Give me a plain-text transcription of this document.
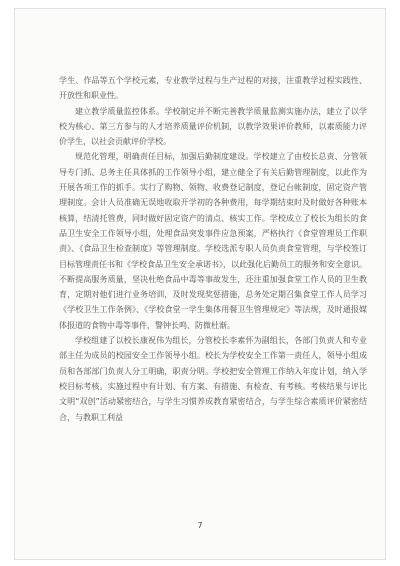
学生、作品等五个学校元素，专业教学过程与生产过程的对接，注重教学过程实践性、开放性和职业性。

建立教学质量监控体系。学校制定并不断完善教学质量监测实施办法，建立了以学校为核心、第三方参与的人才培养质量评价机制，以教学效果评价教师，以素质能力评价学生，以社会贡献评价学校。

规范化管理，明确责任目标，加强后勤制度建设。学校建立了由校长总责、分管领导专门抓、总务主任具体抓的工作领导小组，建立健全了有关后勤管理制度，以此作为开展各项工作的抓手。实行了购物、领物、收费登记制度，登记台帐制度，固定资产管理制度。会计人员准确无误地收取开学初的各种费用，每学期结束时及时做好各种账本核算，结清托管费，同时做好固定资产的清点、核实工作。学校成立了校长为组长的食品卫生安全工作领导小组，处理食品突发事件应急预案，严格执行《食堂管理员工作职责》、《食品卫生检查制度》等管理制度。学校选派专职人员负责食堂管理，与学校签订目标管理责任书和《学校食品卫生安全承诺书》，以此强化后勤员工的服务和安全意识。不断提高服务质量，坚决杜绝食品中毒等事故发生，还注重加强食堂工作人员的卫生教育，定期对他们进行业务培训，及时发现奖惩措施，总务处定期召集食堂工作人员学习《学校卫生工作条例》、《学校食堂一学生集体用餐卫生管理规定》等法规，及时通报媒体报道的食物中毒等事件，警钟长鸣、防微杜渐。

学校组建了以校长康祝伟为组长，分管校长李素怀为副组长，各部门负责人和专业部主任为成员的校园安全工作领导小组。校长为学校安全工作第一责任人，领导小组成员和各部部门负责人分工明确，职责分明。学校把安全管理工作纳入年度计划，纳入学校目标考核。实施过程中有计划、有方案、有措施、有检查、有考核。考核结果与评比文明“双创”活动紧密结合，与学生习惯养成教育紧密结合，与学生综合素质评价紧密结合，与教职工利益

7
